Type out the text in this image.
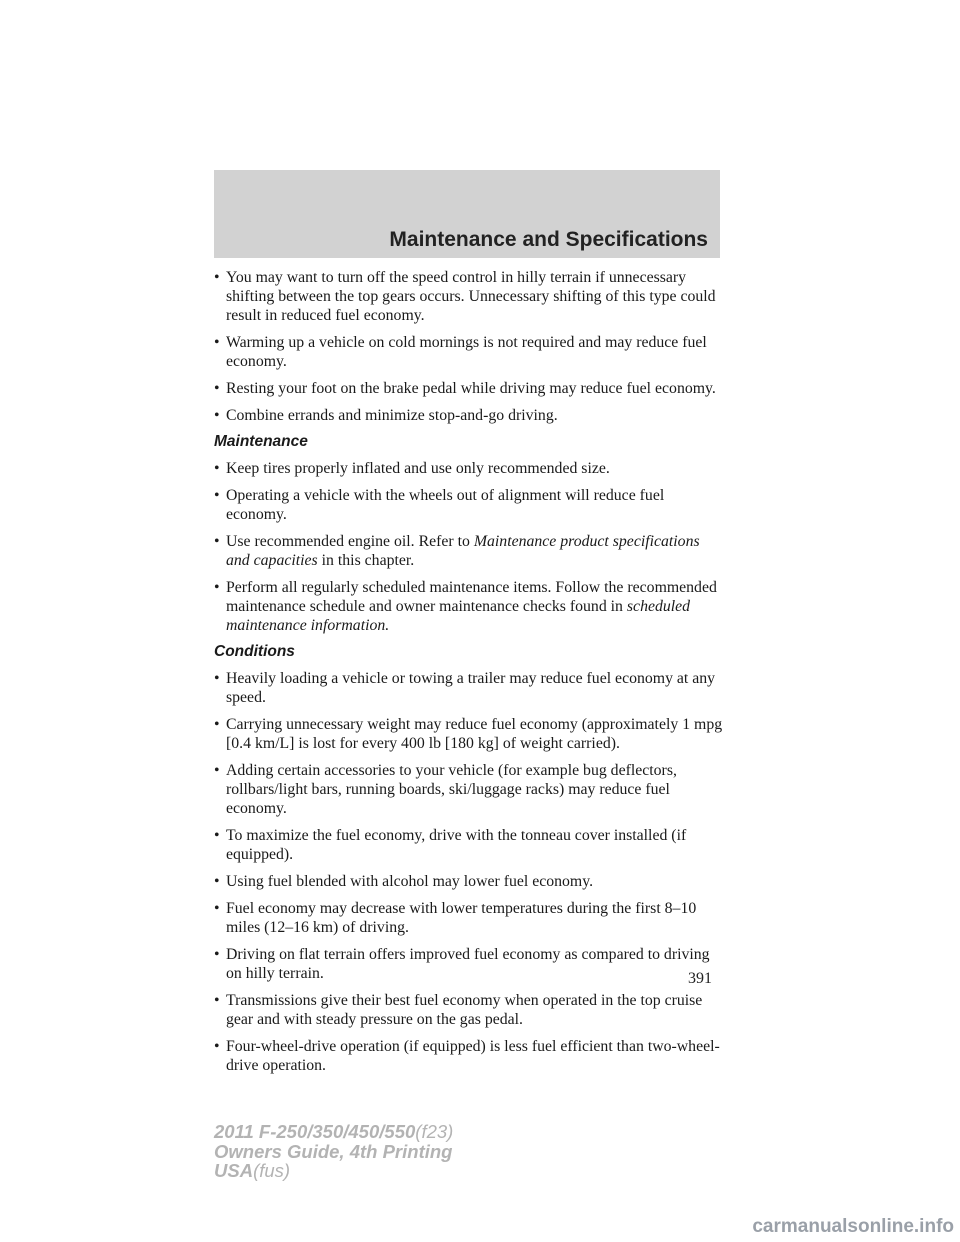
Maintenance and Specifications
• You may want to turn off the speed control in hilly terrain if unnecessary shifting between the top gears occurs. Unnecessary shifting of this type could result in reduced fuel economy.
• Warming up a vehicle on cold mornings is not required and may reduce fuel economy.
• Resting your foot on the brake pedal while driving may reduce fuel economy.
• Combine errands and minimize stop-and-go driving.
Maintenance
• Keep tires properly inflated and use only recommended size.
• Operating a vehicle with the wheels out of alignment will reduce fuel economy.
• Use recommended engine oil. Refer to Maintenance product specifications and capacities in this chapter.
• Perform all regularly scheduled maintenance items. Follow the recommended maintenance schedule and owner maintenance checks found in scheduled maintenance information.
Conditions
• Heavily loading a vehicle or towing a trailer may reduce fuel economy at any speed.
• Carrying unnecessary weight may reduce fuel economy (approximately 1 mpg [0.4 km/L] is lost for every 400 lb [180 kg] of weight carried).
• Adding certain accessories to your vehicle (for example bug deflectors, rollbars/light bars, running boards, ski/luggage racks) may reduce fuel economy.
• To maximize the fuel economy, drive with the tonneau cover installed (if equipped).
• Using fuel blended with alcohol may lower fuel economy.
• Fuel economy may decrease with lower temperatures during the first 8–10 miles (12–16 km) of driving.
• Driving on flat terrain offers improved fuel economy as compared to driving on hilly terrain.
• Transmissions give their best fuel economy when operated in the top cruise gear and with steady pressure on the gas pedal.
• Four-wheel-drive operation (if equipped) is less fuel efficient than two-wheel-drive operation.
391
2011 F-250/350/450/550(f23)
Owners Guide, 4th Printing
USA(fus)
carmanualsonline.info
